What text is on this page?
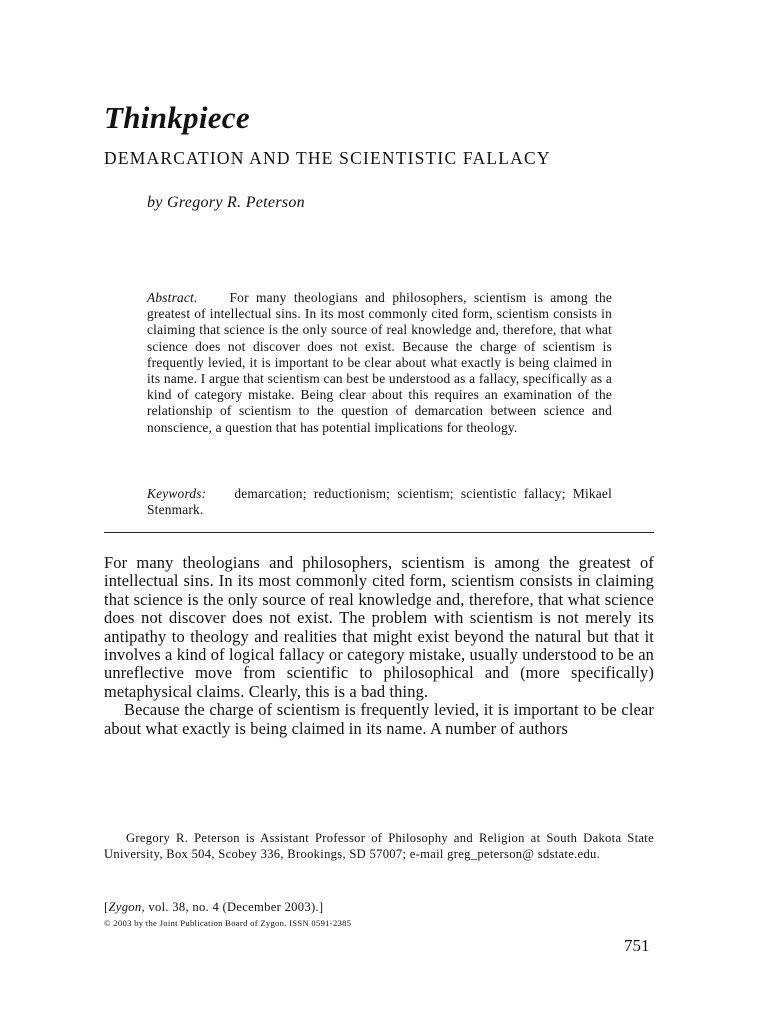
Thinkpiece
DEMARCATION AND THE SCIENTISTIC FALLACY
by Gregory R. Peterson
Abstract. For many theologians and philosophers, scientism is among the greatest of intellectual sins. In its most commonly cited form, scientism consists in claiming that science is the only source of real knowledge and, therefore, that what science does not discover does not exist. Because the charge of scientism is frequently levied, it is important to be clear about what exactly is being claimed in its name. I argue that scientism can best be understood as a fallacy, specifically as a kind of category mistake. Being clear about this requires an examination of the relationship of scientism to the question of demarcation between science and nonscience, a question that has potential implications for theology.
Keywords: demarcation; reductionism; scientism; scientistic fallacy; Mikael Stenmark.

For many theologians and philosophers, scientism is among the greatest of intellectual sins. In its most commonly cited form, scientism consists in claiming that science is the only source of real knowledge and, therefore, that what science does not discover does not exist. The problem with scientism is not merely its antipathy to theology and realities that might exist beyond the natural but that it involves a kind of logical fallacy or category mistake, usually understood to be an unreflective move from scientific to philosophical and (more specifically) metaphysical claims. Clearly, this is a bad thing.

Because the charge of scientism is frequently levied, it is important to be clear about what exactly is being claimed in its name. A number of authors

Gregory R. Peterson is Assistant Professor of Philosophy and Religion at South Dakota State University, Box 504, Scobey 336, Brookings, SD 57007; e-mail greg_peterson@ sdstate.edu.
[Zygon, vol. 38, no. 4 (December 2003).]
© 2003 by the Joint Publication Board of Zygon. ISSN 0591-2385
751
